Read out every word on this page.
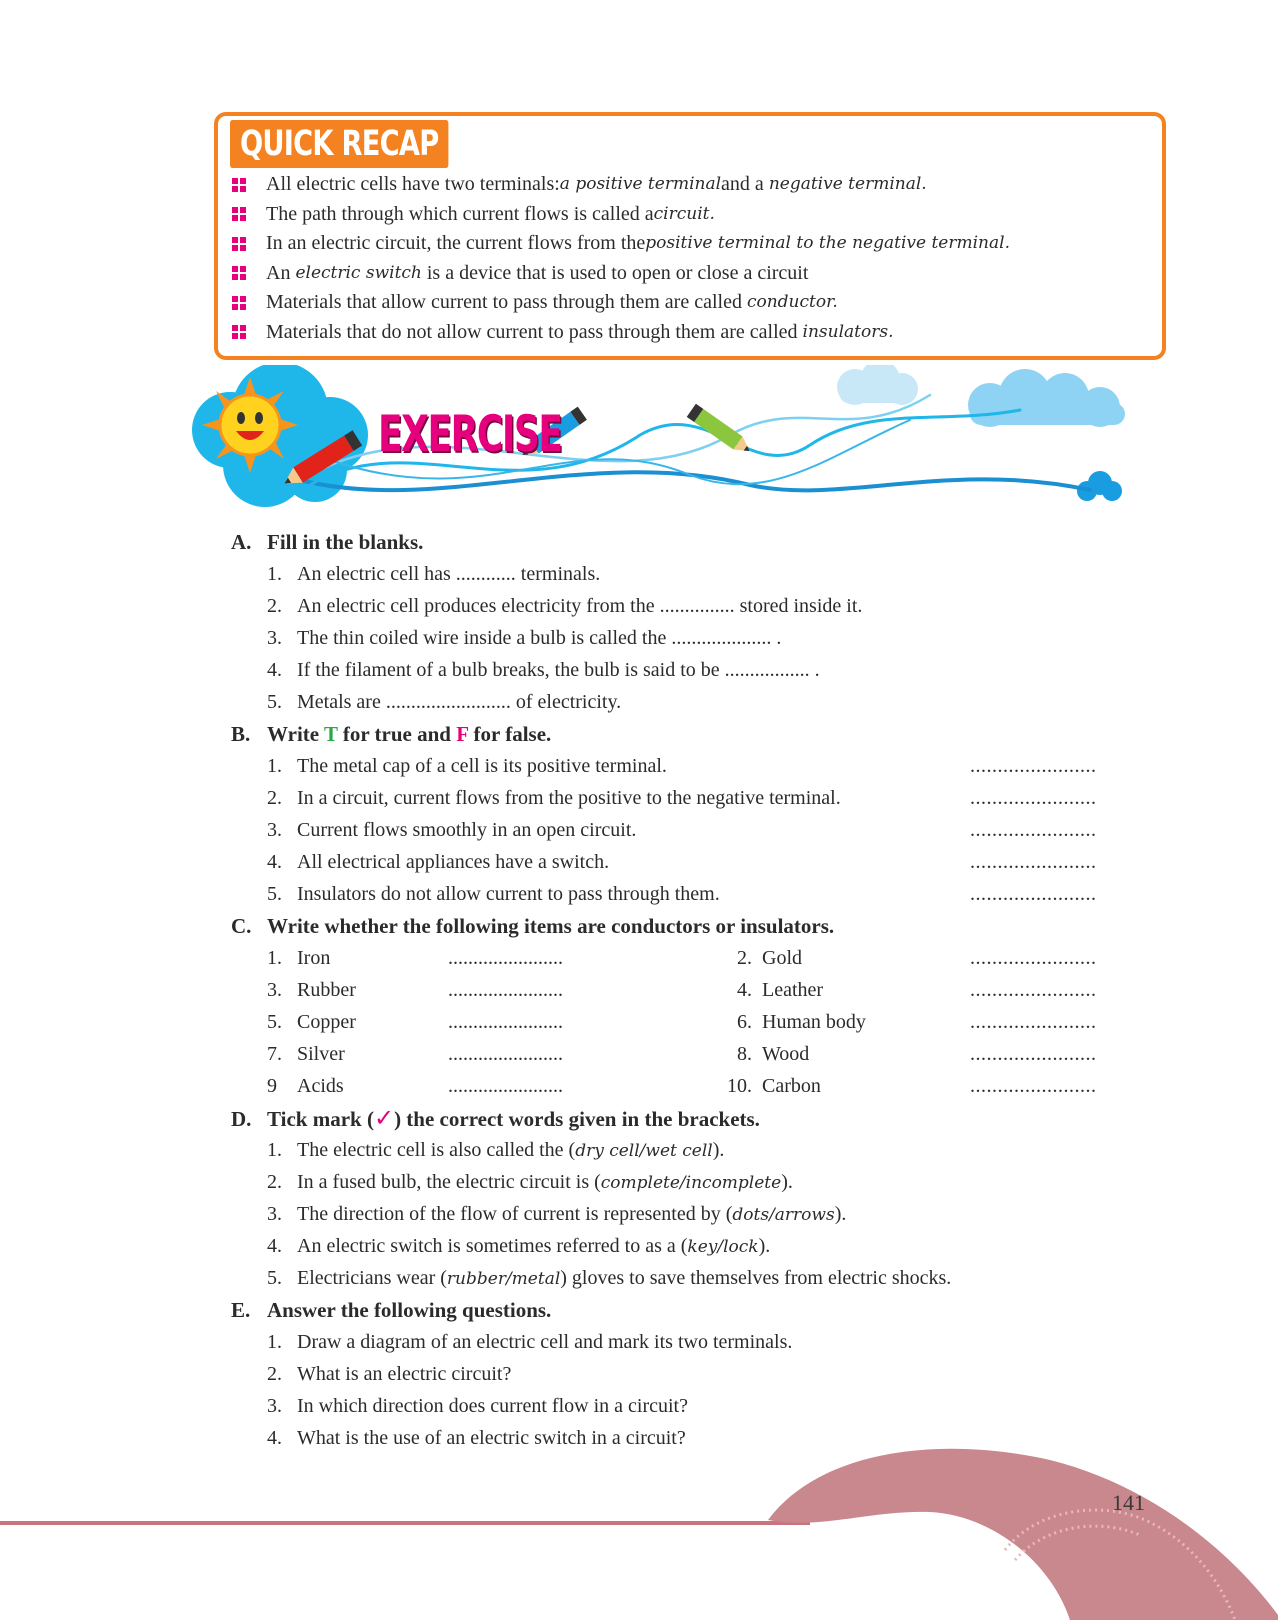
QUICK RECAP
All electric cells have two terminals: a positive terminal and a
negative terminal.
The path through which current flows is called a circuit.
In an electric circuit, the current flows from the positive terminal to the negative terminal.
An
electric switch
is a device that is used to open or close a circuit
Materials that allow current to pass through them are called
conductor.
Materials that do not allow current to pass through them are called
insulators.
EXERCISE
A. Fill in the blanks.
1. An electric cell has ............ terminals.
2. An electric cell produces electricity from the ............... stored inside it.
3. The thin coiled wire inside a bulb is called the .................... .
4. If the filament of a bulb breaks, the bulb is said to be ................. .
5. Metals are ......................... of electricity.
B. Write T for true and F for false.
1. The metal cap of a cell is its positive terminal.	.......................
2. In a circuit, current flows from the positive to the negative terminal.	.......................
3. Current flows smoothly in an open circuit.	.......................
4. All electrical appliances have a switch.	.......................
5. Insulators do not allow current to pass through them.	.......................
C. Write whether the following items are conductors or insulators.
1. Iron	.......................	2. Gold	.......................
3. Rubber	.......................	4. Leather	.......................
5. Copper	.......................	6. Human body	.......................
7. Silver	.......................	8. Wood	.......................
9 Acids	.......................	10. Carbon	.......................
D. Tick mark (✓) the correct words given in the brackets.
1. The electric cell is also called the (dry cell/wet cell).
2. In a fused bulb, the electric circuit is (complete/incomplete).
3. The direction of the flow of current is represented by (dots/arrows).
4. An electric switch is sometimes referred to as a (key/lock).
5. Electricians wear (rubber/metal) gloves to save themselves from electric shocks.
E. Answer the following questions.
1. Draw a diagram of an electric cell and mark its two terminals.
2. What is an electric circuit?
3. In which direction does current flow in a circuit?
4. What is the use of an electric switch in a circuit?
141
